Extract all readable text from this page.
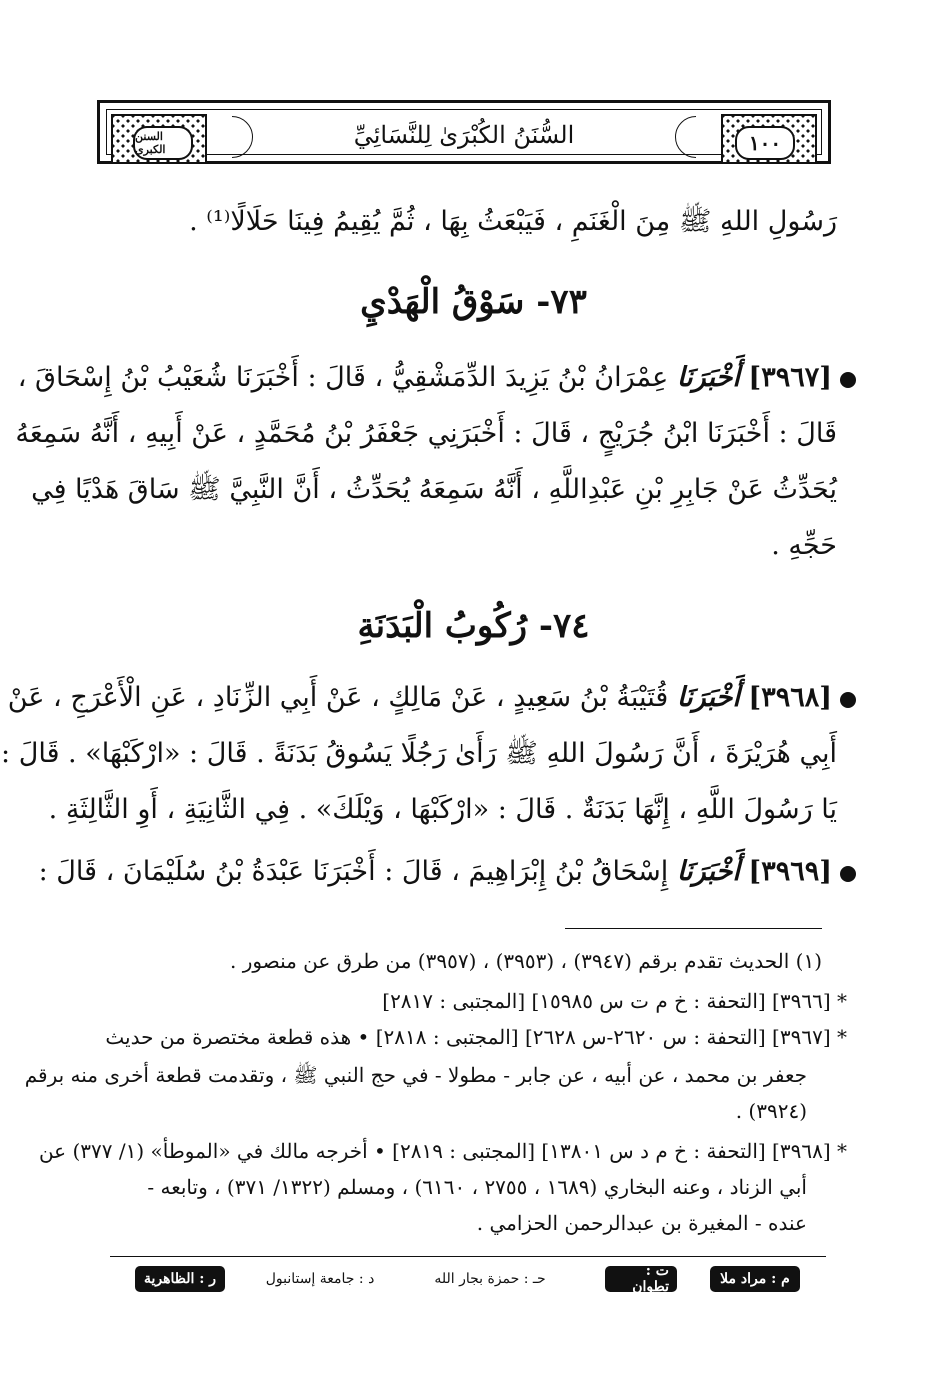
السنن الكبرى
السُّنَنُ الكُبْرَىٰ لِلنَّسَائِيِّ	١٠٠
رَسُولِ اللهِ ﷺ مِنَ الْغَنَمِ ، فَيَبْعَثُ بِهَا ، ثُمَّ يُقِيمُ فِينَا حَلَالًا⁽¹⁾ .
٧٣- سَوْقُ الْهَدْيِ
[٣٩٦٧] أَخْبَرَنَا عِمْرَانُ بْنُ يَزِيدَ الدِّمَشْقِيُّ ، قَالَ : أَخْبَرَنَا شُعَيْبُ بْنُ إِسْحَاقَ ،
قَالَ : أَخْبَرَنَا ابْنُ جُرَيْجٍ ، قَالَ : أَخْبَرَنِي جَعْفَرُ بْنُ مُحَمَّدٍ ، عَنْ أَبِيهِ ، أَنَّهُ سَمِعَهُ
يُحَدِّثُ عَنْ جَابِرِ بْنِ عَبْدِاللَّهِ ، أَنَّهُ سَمِعَهُ يُحَدِّثُ ، أَنَّ النَّبِيَّ ﷺ سَاقَ هَدْيًا فِي
حَجِّهِ .
٧٤- رُكُوبُ الْبَدَنَةِ
[٣٩٦٨] أَخْبَرَنَا قُتَيْبَةُ بْنُ سَعِيدٍ ، عَنْ مَالِكٍ ، عَنْ أَبِي الزِّنَادِ ، عَنِ الْأَعْرَجِ ، عَنْ
أَبِي هُرَيْرَةَ ، أَنَّ رَسُولَ اللهِ ﷺ رَأَىٰ رَجُلًا يَسُوقُ بَدَنَةً . قَالَ : «ارْكَبْهَا» . قَالَ :
يَا رَسُولَ اللَّهِ ، إِنَّهَا بَدَنَةٌ . قَالَ : «ارْكَبْهَا ، وَيْلَكَ» . فِي الثَّانِيَةِ ، أَوِ الثَّالِثَةِ .
[٣٩٦٩] أَخْبَرَنَا إِسْحَاقُ بْنُ إِبْرَاهِيمَ ، قَالَ : أَخْبَرَنَا عَبْدَةُ بْنُ سُلَيْمَانَ ، قَالَ :
(١) الحديث تقدم برقم (٣٩٤٧) ، (٣٩٥٣) ، (٣٩٥٧) من طرق عن منصور .
* [٣٩٦٦] [التحفة : خ م ت س ١٥٩٨٥] [المجتبى : ٢٨١٧]
* [٣٩٦٧] [التحفة : س ٢٦٢٠-س ٢٦٢٨] [المجتبى : ٢٨١٨] • هذه قطعة مختصرة من حديث
جعفر بن محمد ، عن أبيه ، عن جابر - مطولا - في حج النبي ﷺ ، وتقدمت قطعة أخرى منه برقم
(٣٩٢٤) .
* [٣٩٦٨] [التحفة : خ م د س ١٣٨٠١] [المجتبى : ٢٨١٩] • أخرجه مالك في «الموطأ» (١/ ٣٧٧) عن
أبي الزناد ، وعنه البخاري (١٦٨٩ ، ٢٧٥٥ ، ٦١٦٠) ، ومسلم (١٣٢٢/ ٣٧١) ، وتابعه -
عنده - المغيرة بن عبدالرحمن الحزامي .
م : مراد ملا
ت : تطوان
حـ : حمزة بجار الله
د : جامعة إستانبول
ر : الظاهرية
